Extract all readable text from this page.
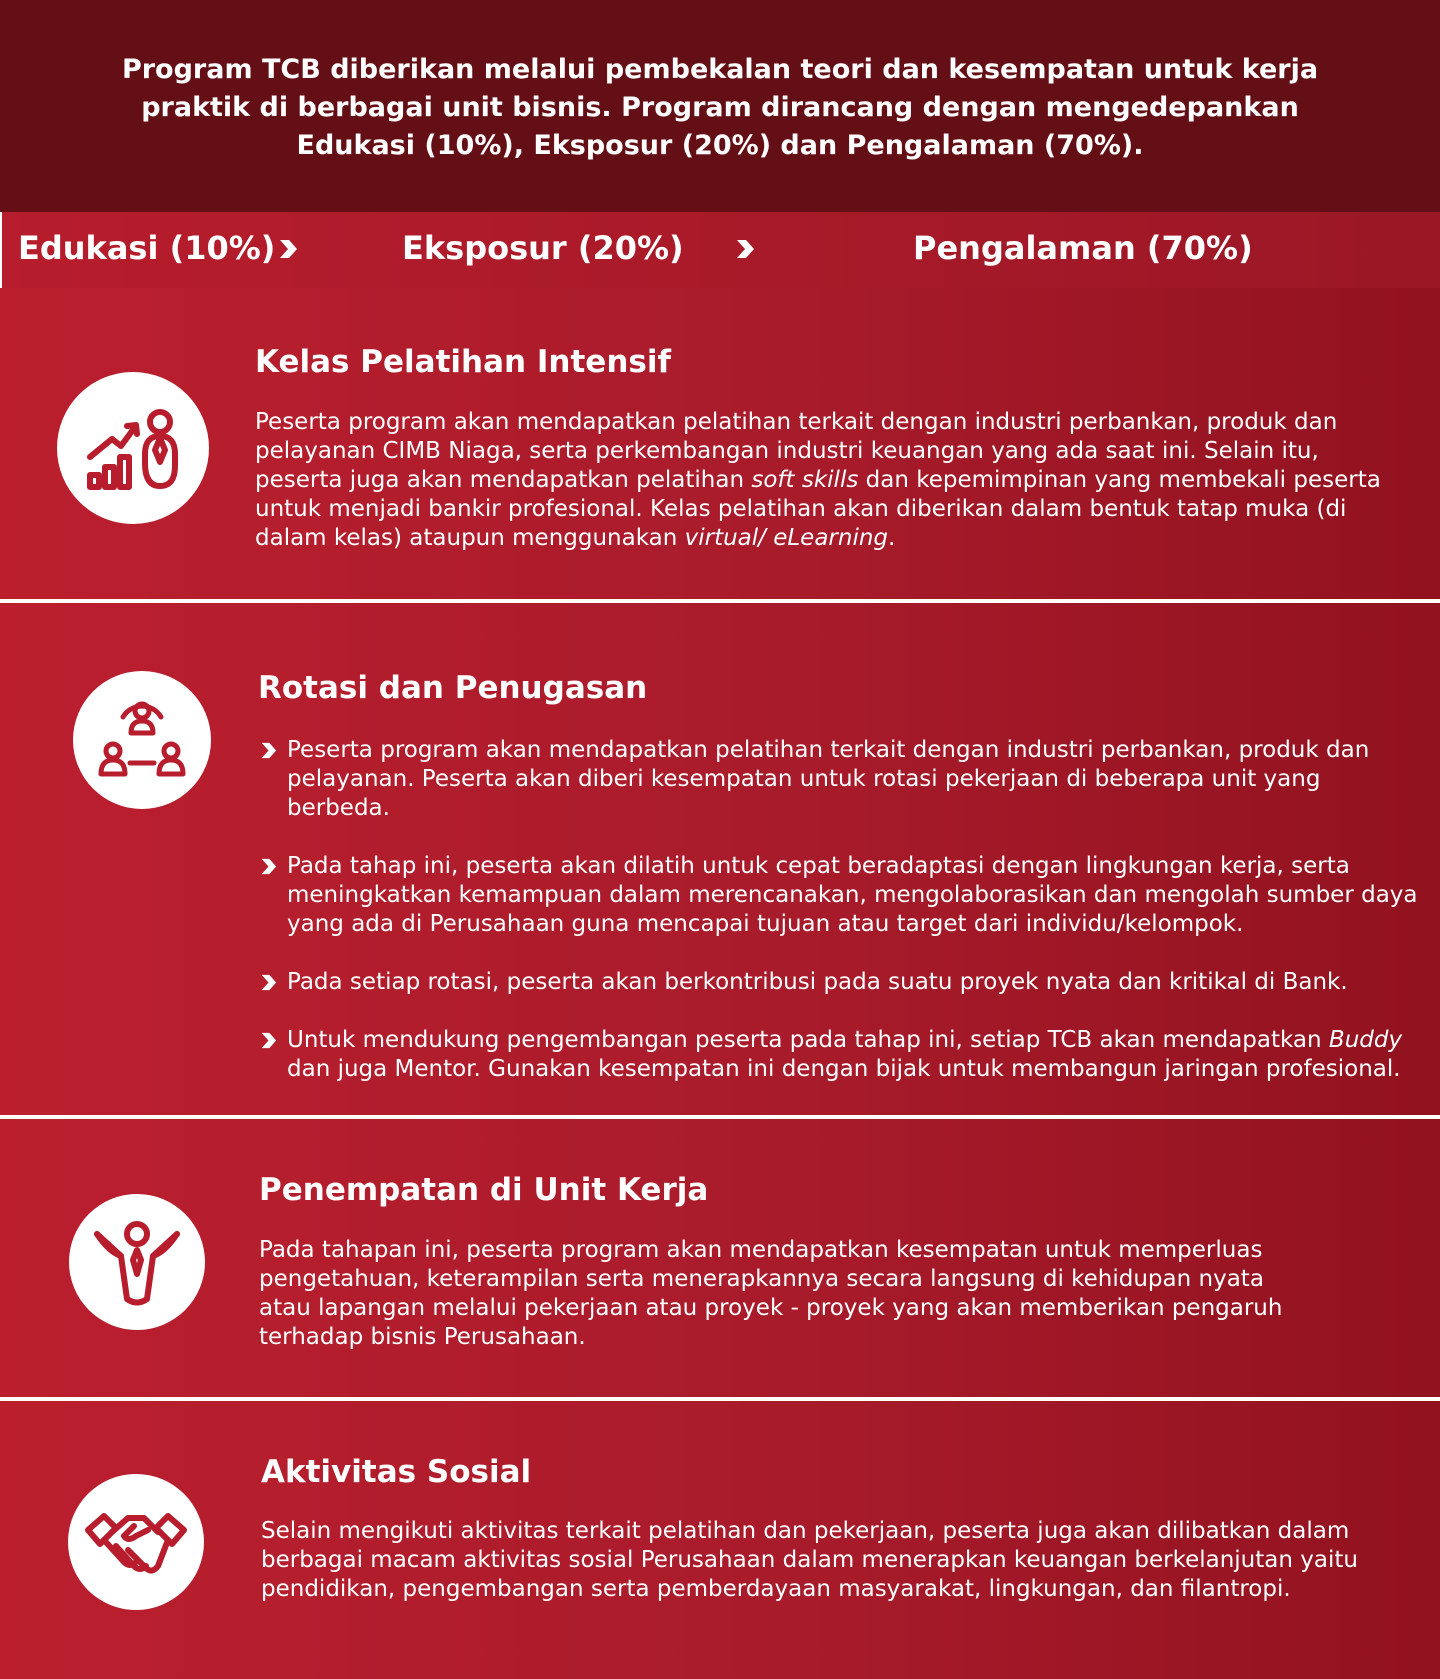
Program TCB diberikan melalui pembekalan teori dan kesempatan untuk kerja praktik di berbagai unit bisnis. Program dirancang dengan mengedepankan Edukasi (10%), Eksposur (20%) dan Pengalaman (70%).

Edukasi (10%)	Eksposur (20%)	Pengalaman (70%)
Kelas Pelatihan Intensif

Peserta program akan mendapatkan pelatihan terkait dengan industri perbankan, produk dan pelayanan CIMB Niaga, serta perkembangan industri keuangan yang ada saat ini. Selain itu, peserta juga akan mendapatkan pelatihan soft skills dan kepemimpinan yang membekali peserta untuk menjadi bankir profesional. Kelas pelatihan akan diberikan dalam bentuk tatap muka (di dalam kelas) ataupun menggunakan virtual/ eLearning.

Rotasi dan Penugasan
Peserta program akan mendapatkan pelatihan terkait dengan industri perbankan, produk dan pelayanan. Peserta akan diberi kesempatan untuk rotasi pekerjaan di beberapa unit yang berbeda.
Pada tahap ini, peserta akan dilatih untuk cepat beradaptasi dengan lingkungan kerja, serta meningkatkan kemampuan dalam merencanakan, mengolaborasikan dan mengolah sumber daya yang ada di Perusahaan guna mencapai tujuan atau target dari individu/kelompok.
Pada setiap rotasi, peserta akan berkontribusi pada suatu proyek nyata dan kritikal di Bank.
Untuk mendukung pengembangan peserta pada tahap ini, setiap TCB akan mendapatkan Buddy dan juga Mentor. Gunakan kesempatan ini dengan bijak untuk membangun jaringan profesional.
Penempatan di Unit Kerja

Pada tahapan ini, peserta program akan mendapatkan kesempatan untuk memperluas pengetahuan, keterampilan serta menerapkannya secara langsung di kehidupan nyata atau lapangan melalui pekerjaan atau proyek - proyek yang akan memberikan pengaruh terhadap bisnis Perusahaan.

Aktivitas Sosial

Selain mengikuti aktivitas terkait pelatihan dan pekerjaan, peserta juga akan dilibatkan dalam berbagai macam aktivitas sosial Perusahaan dalam menerapkan keuangan berkelanjutan yaitu pendidikan, pengembangan serta pemberdayaan masyarakat, lingkungan, dan filantropi.
